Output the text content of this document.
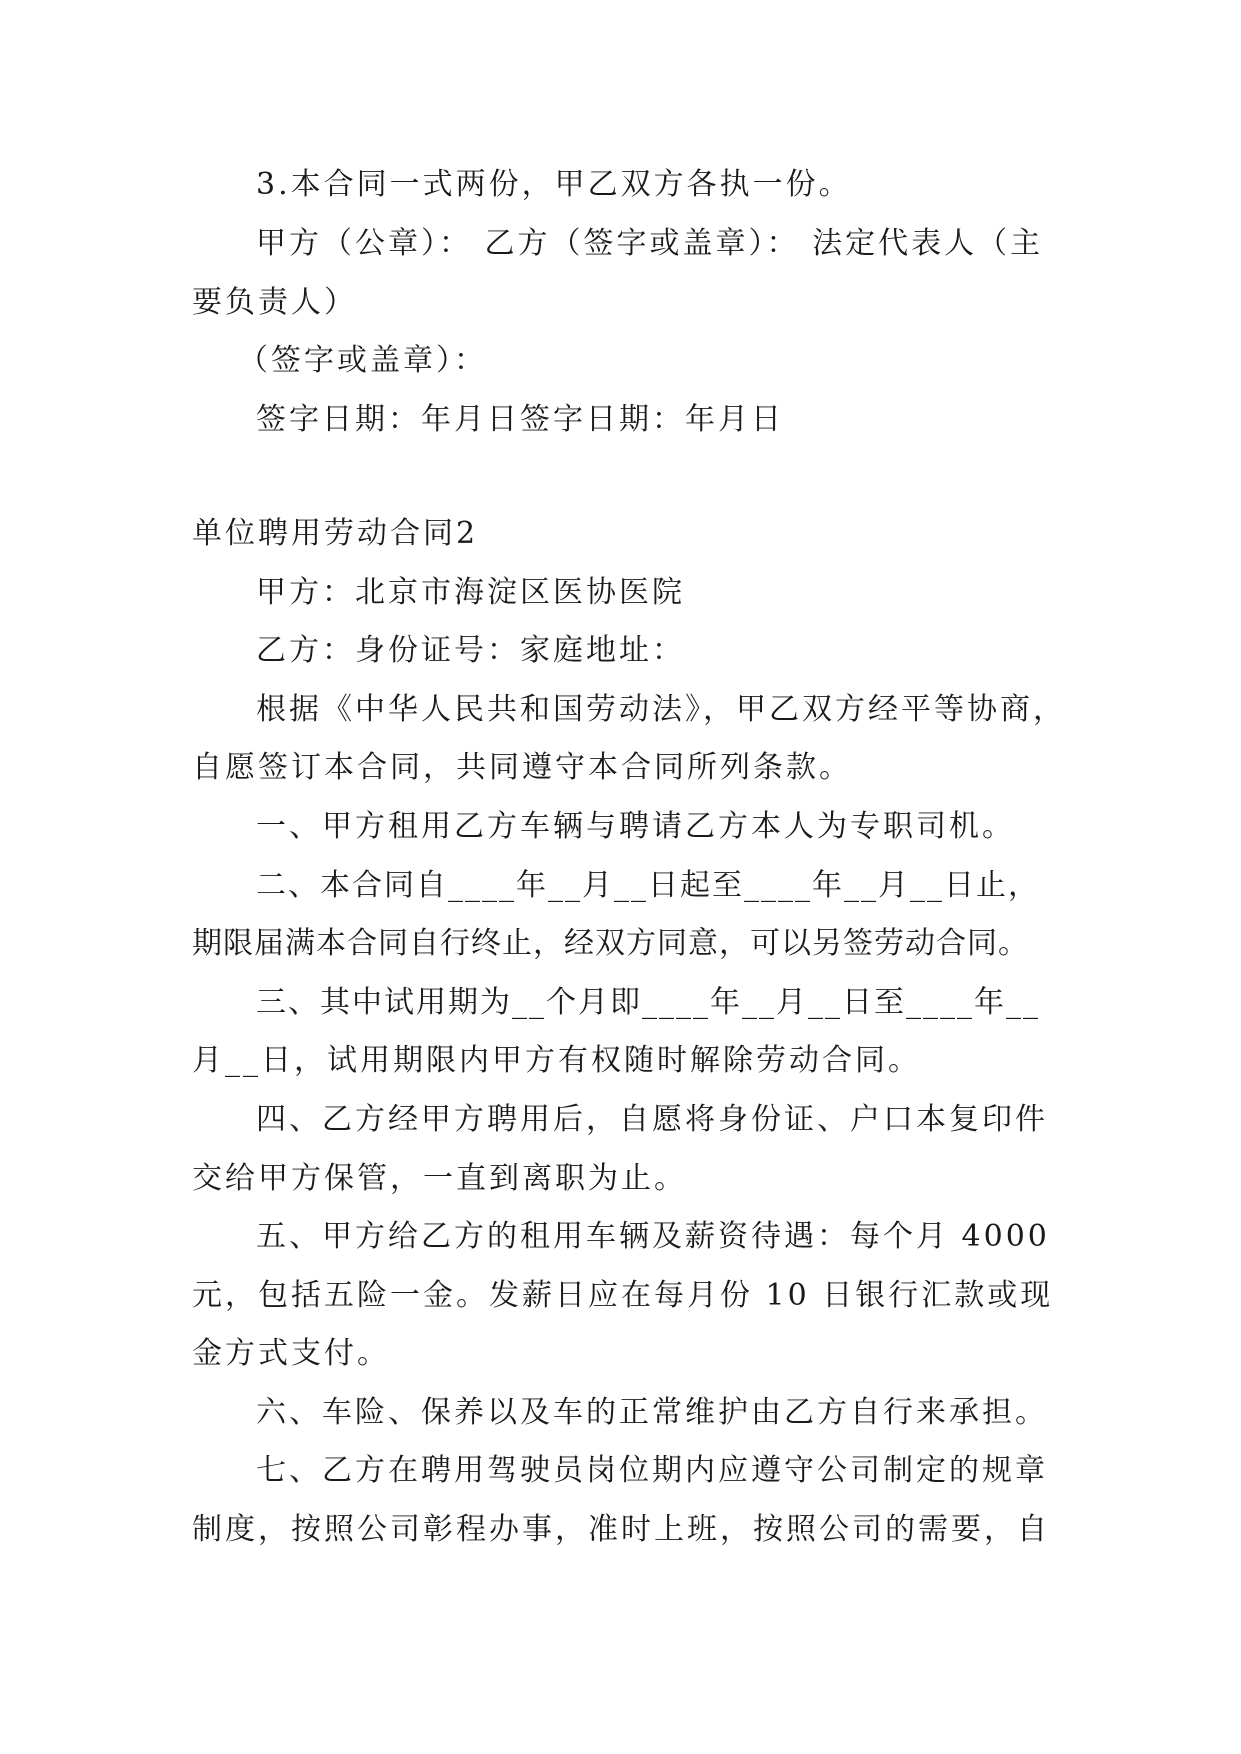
3.本合同一式两份，甲乙双方各执一份。
甲方（公章）： 乙方（签字或盖章）： 法定代表人（主
要负责人）
（签字或盖章）：
签字日期：年月日签字日期：年月日
单位聘用劳动合同2
甲方：北京市海淀区医协医院
乙方：身份证号：家庭地址：
根据《中华人民共和国劳动法》，甲乙双方经平等协商，
自愿签订本合同，共同遵守本合同所列条款。
一、甲方租用乙方车辆与聘请乙方本人为专职司机。
二、本合同自____年__月__日起至____年__月__日止，
期限届满本合同自行终止，经双方同意，可以另签劳动合同。
三、其中试用期为__个月即____年__月__日至____年__
月__日，试用期限内甲方有权随时解除劳动合同。
四、乙方经甲方聘用后，自愿将身份证、户口本复印件
交给甲方保管，一直到离职为止。
五、甲方给乙方的租用车辆及薪资待遇：每个月 4000
元，包括五险一金。发薪日应在每月份 10 日银行汇款或现
金方式支付。
六、车险、保养以及车的正常维护由乙方自行来承担。
七、乙方在聘用驾驶员岗位期内应遵守公司制定的规章
制度，按照公司彰程办事，准时上班，按照公司的需要，自
